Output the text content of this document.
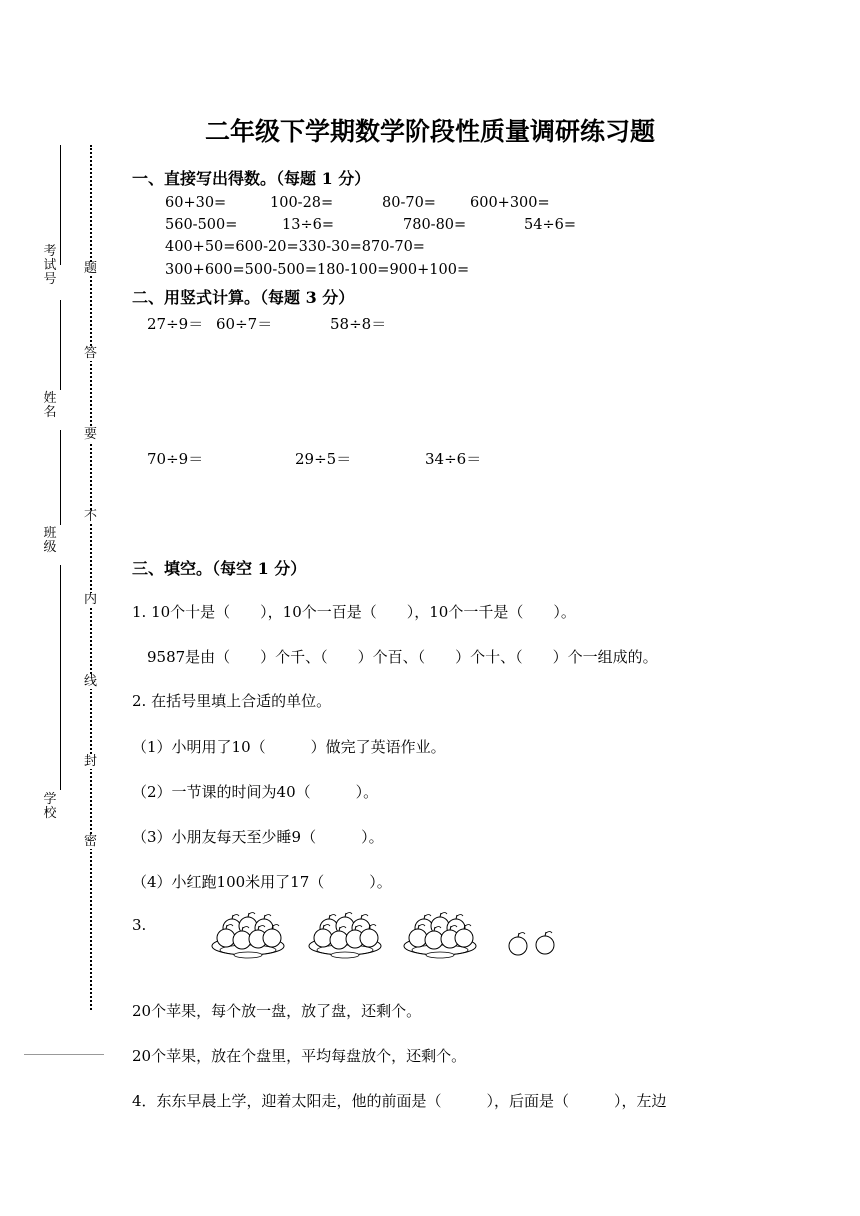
二年级下学期数学阶段性质量调研练习题
考试号
姓名
班级
学校
题
答
要
不
内
线
封
密
一、直接写出得数。（每题 1 分）
60+30=	100-28=	80-70= 600+300=
560-500=	13÷6=	780-80=	54÷6=
400+50=600-20=330-30=870-70=
300+600=500-500=180-100=900+100=
二、用竖式计算。（每题 3 分）
27÷9＝ 60÷7＝	58÷8＝
70÷9＝	29÷5＝	34÷6＝
三、填空。（每空 1 分）
1. 10个十是（　　），10个一百是（　　），10个一千是（　　）。
9587是由（　　）个千、（　　）个百、（　　）个十、（　　）个一组成的。
2. 在括号里填上合适的单位。
（1）小明用了10（　　　）做完了英语作业。
（2）一节课的时间为40（　　　）。
（3）小朋友每天至少睡9（　　　）。
（4）小红跑100米用了17（　　　）。
3.
20个苹果，每个放一盘，放了盘，还剩个。
20个苹果，放在个盘里，平均每盘放个，还剩个。
4．东东早晨上学，迎着太阳走，他的前面是（　　　），后面是（　　　），左边
